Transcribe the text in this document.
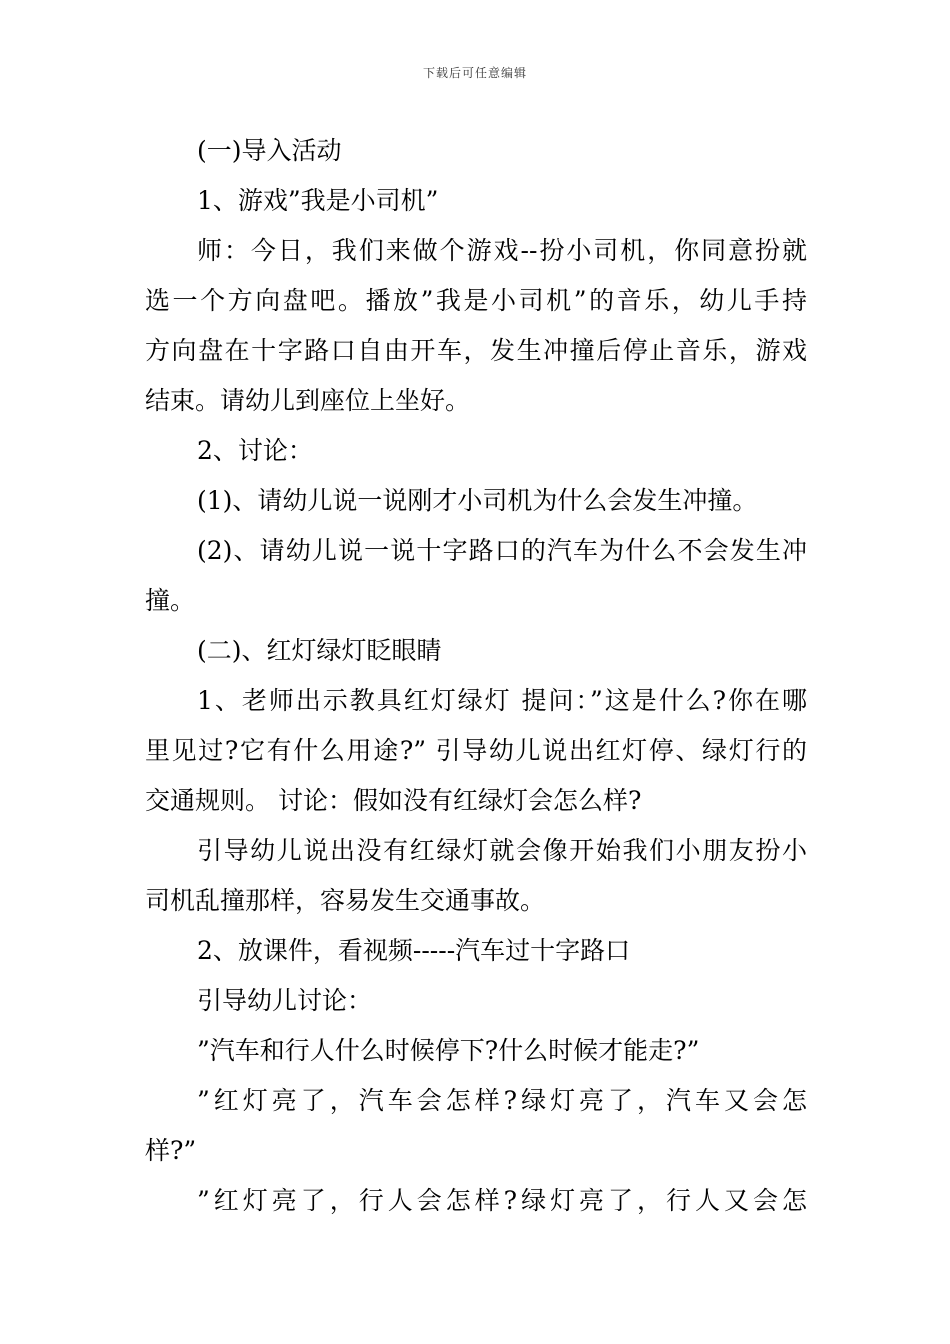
下载后可任意编辑
(一)导入活动
1、游戏”我是小司机”
师：今日，我们来做个游戏--扮小司机，你同意扮就
选一个方向盘吧。播放”我是小司机”的音乐，幼儿手持
方向盘在十字路口自由开车，发生冲撞后停止音乐，游戏
结束。请幼儿到座位上坐好。
2、讨论：
(1)、请幼儿说一说刚才小司机为什么会发生冲撞。
(2)、请幼儿说一说十字路口的汽车为什么不会发生冲
撞。
(二)、红灯绿灯眨眼睛
1、老师出示教具红灯绿灯 提问：”这是什么?你在哪
里见过?它有什么用途?” 引导幼儿说出红灯停、绿灯行的
交通规则。 讨论：假如没有红绿灯会怎么样?
引导幼儿说出没有红绿灯就会像开始我们小朋友扮小
司机乱撞那样，容易发生交通事故。
2、放课件，看视频-----汽车过十字路口
引导幼儿讨论：
”汽车和行人什么时候停下?什么时候才能走?”
”红灯亮了，汽车会怎样?绿灯亮了，汽车又会怎
样?”
”红灯亮了，行人会怎样?绿灯亮了，行人又会怎
